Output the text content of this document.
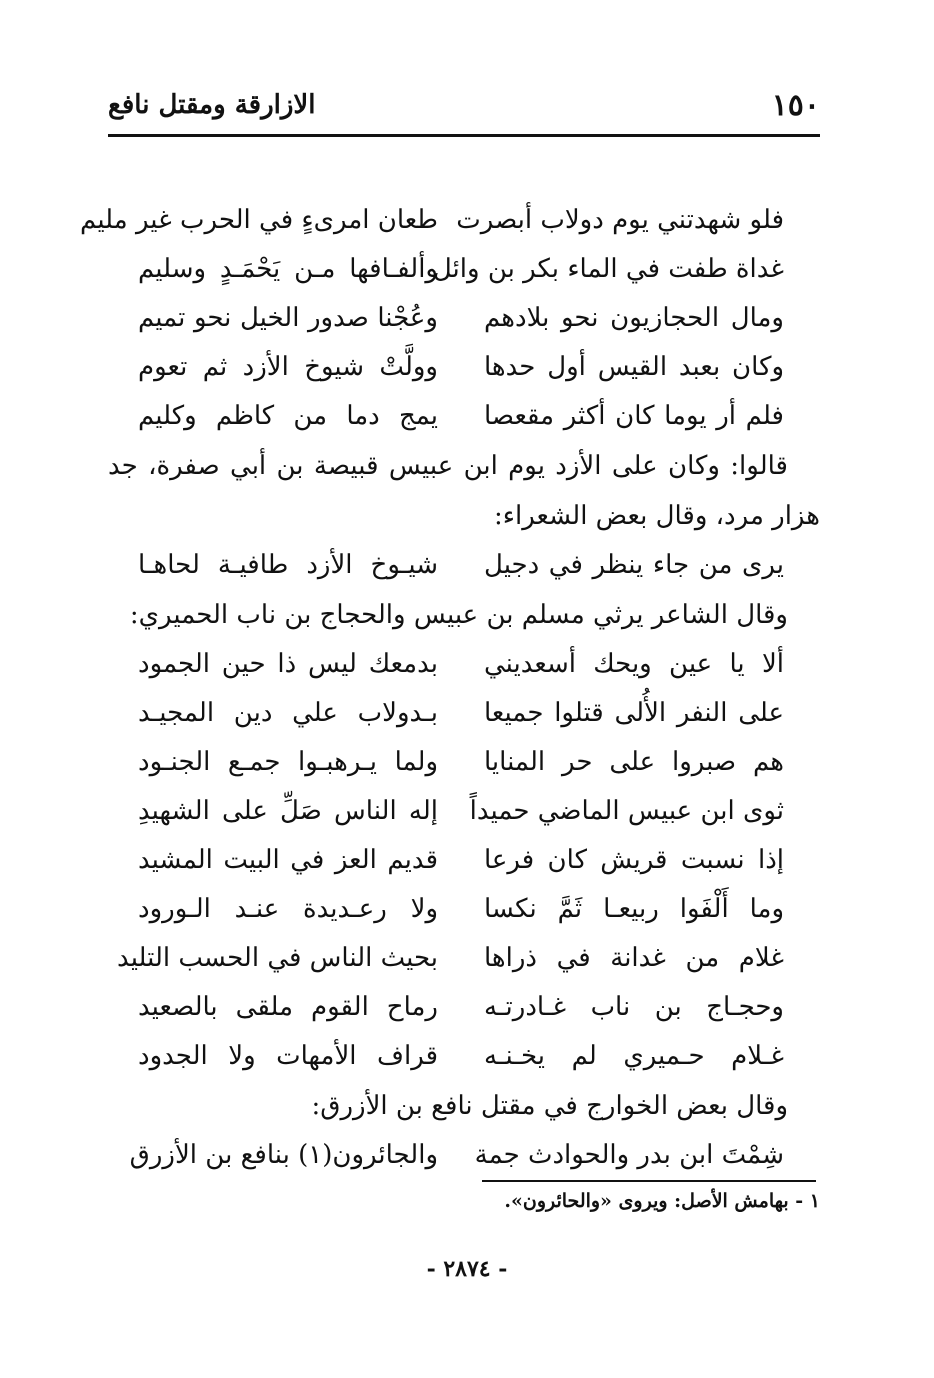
١٥٠
الازارقة ومقتل نافع
فلو شهدتني يوم دولاب أبصرت
طعان امرىءٍ في الحرب غير مليم
غداة طفت في الماء بكر بن وائل
وألفـافها مـن يَحْمَـدٍ وسليم
ومال الحجازيون نحو بلادهم
وعُجْنا صدور الخيل نحو تميم
وكان بعبد القيس أول حدها
وولَّتْ شيوخ الأزد ثم تعوم
فلم أر يوما كان أكثر مقعصا
يمج دما من كاظم وكليم
قالوا: وكان على الأزد يوم ابن عبيس قبيصة بن أبي صفرة، جد هزار مرد، وقال بعض الشعراء:
يرى من جاء ينظر في دجيل
شيـوخ الأزد طافيـة لحاهـا
وقال الشاعر يرثي مسلم بن عبيس والحجاج بن ناب الحميري:
ألا يا عين ويحك أسعديني
بدمعك ليس ذا حين الجمود
على النفر الأُلى قتلوا جميعا
بـدولاب علي دين المجيـد
هم صبروا على حر المنايا
ولما يـرهبـوا جمـع الجنـود
ثوى ابن عبيس الماضي حميداً
إله الناس صَلِّ على الشهيدِ
إذا نسبت قريش كان فرعا
قديم العز في البيت المشيد
وما أَلْفَوا ربيعـا ثَمَّ نكسا
ولا رعـديدة عنـد الـورود
غلام من غدانة في ذراها
بحيث الناس في الحسب التليد
وحجـاج بن ناب غـادرتـه
رماح القوم ملقى بالصعيد
غـلام حـميري لم يخـنـه
قراف الأمهات ولا الجدود
وقال بعض الخوارج في مقتل نافع بن الأزرق:
شِمْتَ ابن بدر والحوادث جمة
والجائرون(١) بنافع بن الأزرق
١ - بهامش الأصل: ويروى «والحائرون».
- ٢٨٧٤ -
